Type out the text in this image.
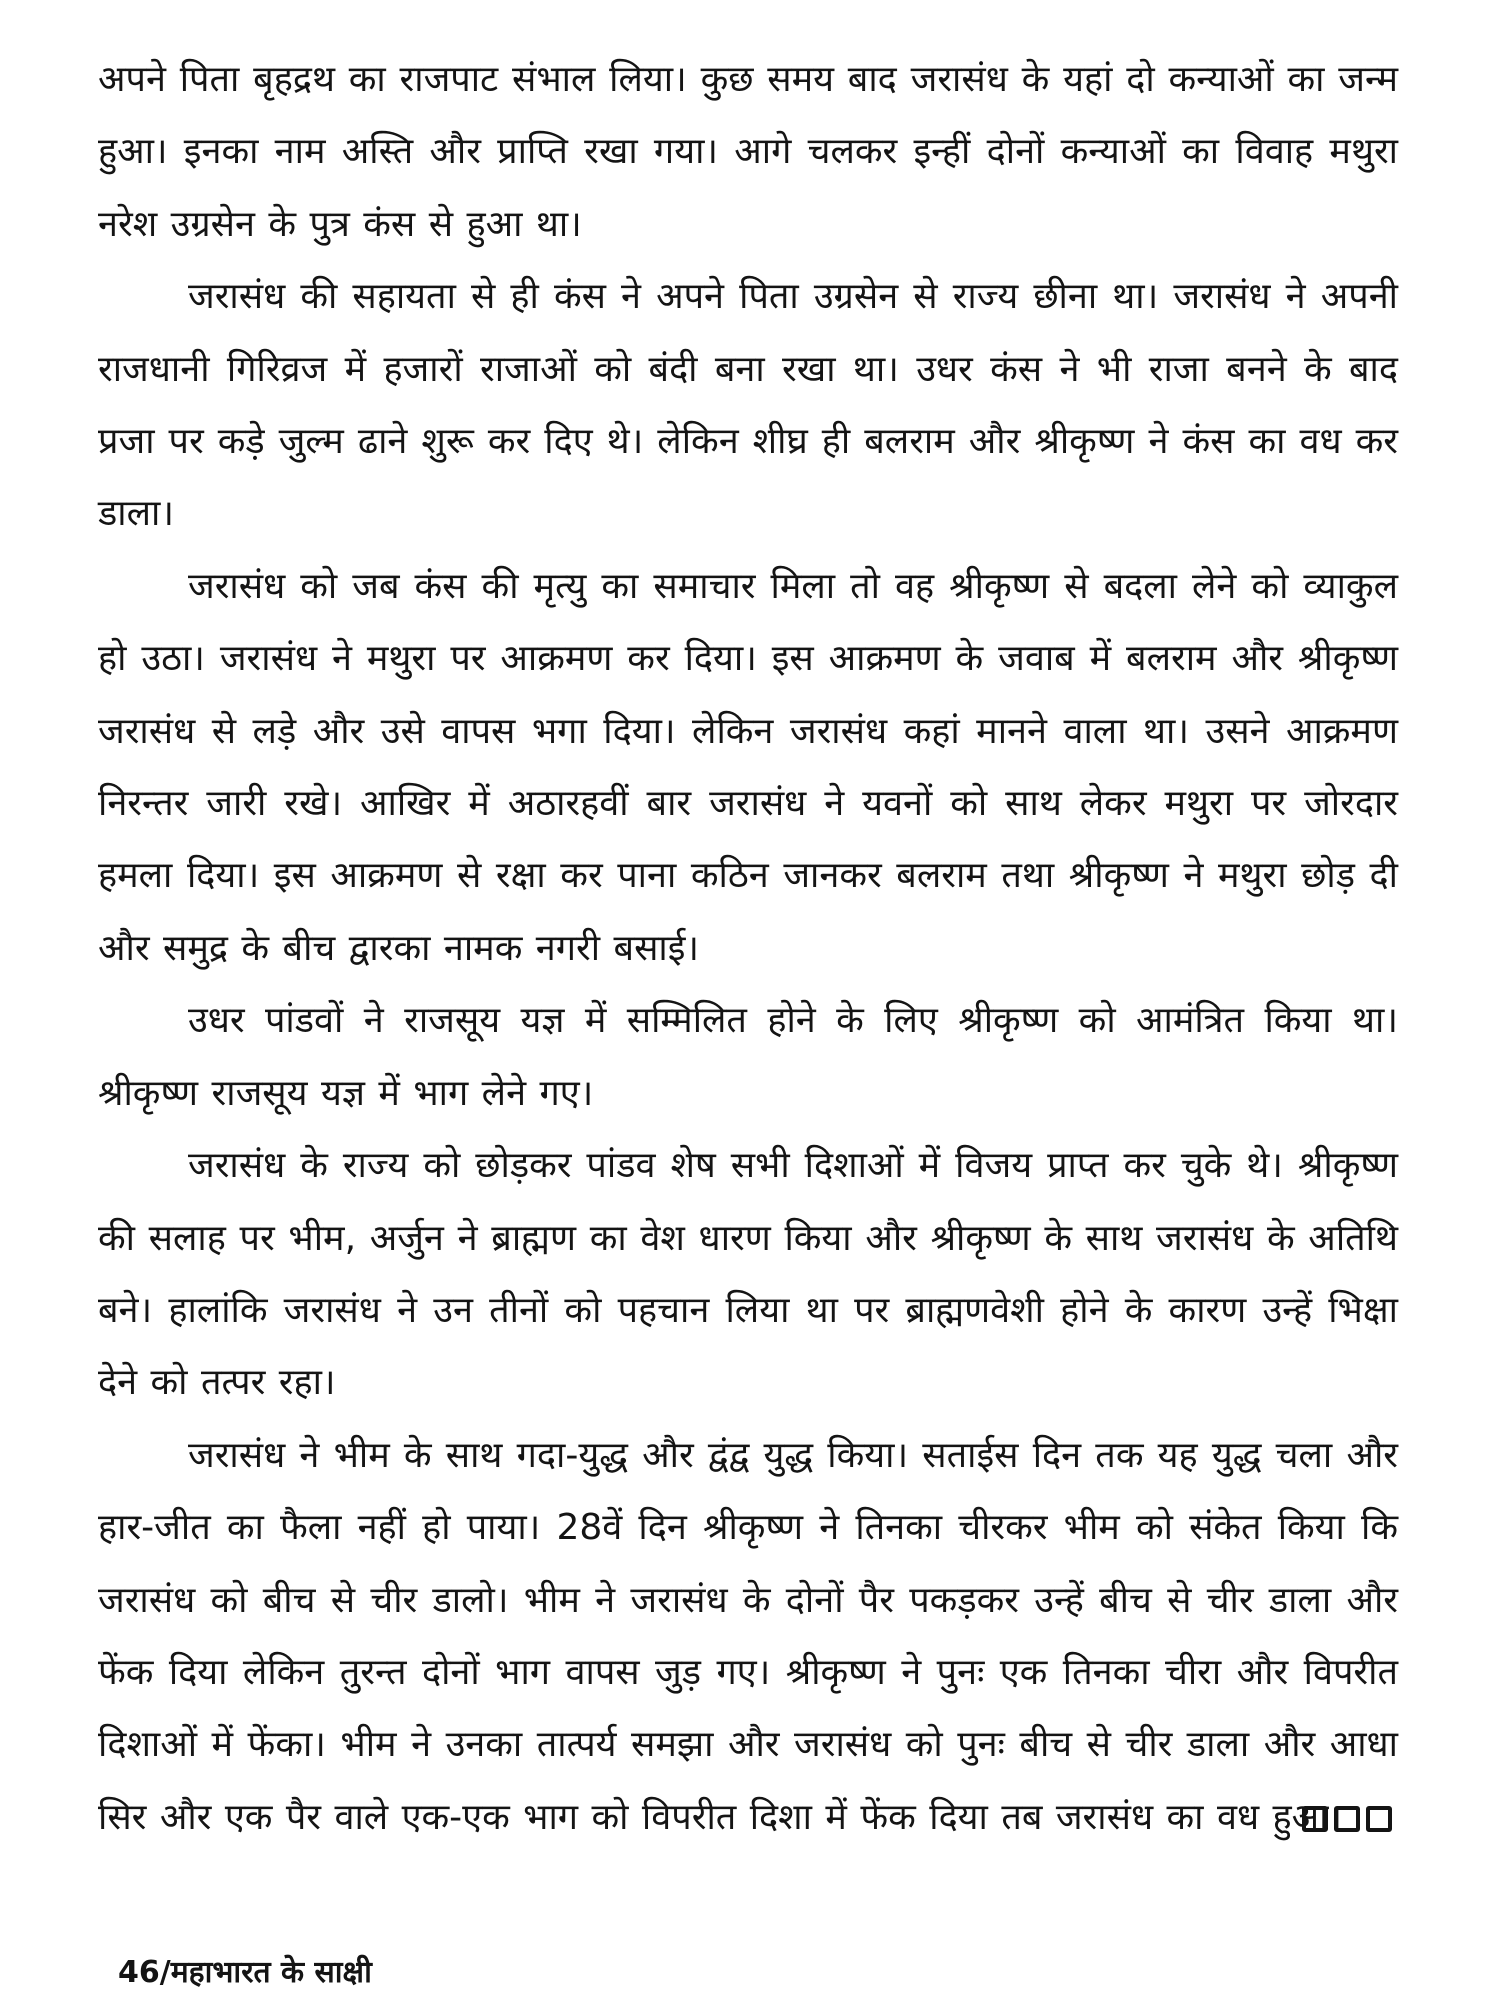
अपने पिता बृहद्रथ का राजपाट संभाल लिया। कुछ समय बाद जरासंध के यहां दो कन्याओं का जन्म हुआ। इनका नाम अस्ति और प्राप्ति रखा गया। आगे चलकर इन्हीं दोनों कन्याओं का विवाह मथुरा नरेश उग्रसेन के पुत्र कंस से हुआ था।

जरासंध की सहायता से ही कंस ने अपने पिता उग्रसेन से राज्य छीना था। जरासंध ने अपनी राजधानी गिरिव्रज में हजारों राजाओं को बंदी बना रखा था। उधर कंस ने भी राजा बनने के बाद प्रजा पर कड़े जुल्म ढाने शुरू कर दिए थे। लेकिन शीघ्र ही बलराम और श्रीकृष्ण ने कंस का वध कर डाला।

जरासंध को जब कंस की मृत्यु का समाचार मिला तो वह श्रीकृष्ण से बदला लेने को व्याकुल हो उठा। जरासंध ने मथुरा पर आक्रमण कर दिया। इस आक्रमण के जवाब में बलराम और श्रीकृष्ण जरासंध से लड़े और उसे वापस भगा दिया। लेकिन जरासंध कहां मानने वाला था। उसने आक्रमण निरन्तर जारी रखे। आखिर में अठारहवीं बार जरासंध ने यवनों को साथ लेकर मथुरा पर जोरदार हमला दिया। इस आक्रमण से रक्षा कर पाना कठिन जानकर बलराम तथा श्रीकृष्ण ने मथुरा छोड़ दी और समुद्र के बीच द्वारका नामक नगरी बसाई।

उधर पांडवों ने राजसूय यज्ञ में सम्मिलित होने के लिए श्रीकृष्ण को आमंत्रित किया था। श्रीकृष्ण राजसूय यज्ञ में भाग लेने गए।

जरासंध के राज्य को छोड़कर पांडव शेष सभी दिशाओं में विजय प्राप्त कर चुके थे। श्रीकृष्ण की सलाह पर भीम, अर्जुन ने ब्राह्मण का वेश धारण किया और श्रीकृष्ण के साथ जरासंध के अतिथि बने। हालांकि जरासंध ने उन तीनों को पहचान लिया था पर ब्राह्मणवेशी होने के कारण उन्हें भिक्षा देने को तत्पर रहा।

जरासंध ने भीम के साथ गदा-युद्ध और द्वंद्व युद्ध किया। सताईस दिन तक यह युद्ध चला और हार-जीत का फैला नहीं हो पाया। 28वें दिन श्रीकृष्ण ने तिनका चीरकर भीम को संकेत किया कि जरासंध को बीच से चीर डालो। भीम ने जरासंध के दोनों पैर पकड़कर उन्हें बीच से चीर डाला और फेंक दिया लेकिन तुरन्त दोनों भाग वापस जुड़ गए। श्रीकृष्ण ने पुनः एक तिनका चीरा और विपरीत दिशाओं में फेंका। भीम ने उनका तात्पर्य समझा और जरासंध को पुनः बीच से चीर डाला और आधा सिर और एक पैर वाले एक-एक भाग को विपरीत दिशा में फेंक दिया तब जरासंध का वध हुआ।

46/महाभारत के साक्षी
